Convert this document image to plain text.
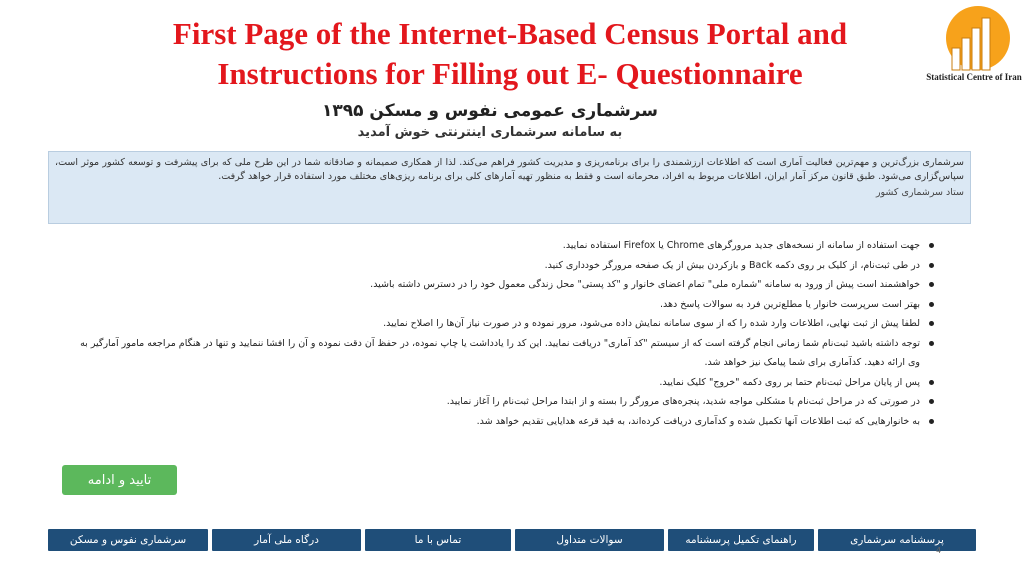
First Page of the Internet-Based Census Portal and
Instructions for Filling out E- Questionnaire	Statistical Centre of Iran
سرشماری عمومی نفوس و مسکن ۱۳۹۵
به سامانه سرشماری اینترنتی خوش آمدید
سرشماری بزرگ‌ترین و مهم‌ترین فعالیت آماری است که اطلاعات ارزشمندی را برای برنامه‌ریزی و مدیریت کشور فراهم می‌کند. لذا از همکاری صمیمانه و صادقانه شما در این طرح ملی که برای پیشرفت و توسعه کشور موثر است، سپاس‌گزاری می‌شود. طبق قانون مرکز آمار ایران، اطلاعات مربوط به افراد، محرمانه است و فقط به منظور تهیه آمارهای کلی برای برنامه ریزی‌های مختلف مورد استفاده قرار خواهد گرفت.
ستاد سرشماری کشور
جهت استفاده از سامانه از نسخه‌های جدید مرورگرهای Chrome یا Firefox استفاده نمایید.
در طی ثبت‌نام، از کلیک بر روی دکمه Back و بازکردن بیش از یک صفحه مرورگر خودداری کنید.
خواهشمند است پیش از ورود به سامانه "شماره ملی" تمام اعضای خانوار و "کد پستی" محل زندگی معمول خود را در دسترس داشته باشید.
بهتر است سرپرست خانوار یا مطلع‌ترین فرد به سوالات پاسخ دهد.
لطفا پیش از ثبت نهایی، اطلاعات وارد شده را که از سوی سامانه نمایش داده می‌شود، مرور نموده و در صورت نیاز آن‌ها را اصلاح نمایید.
توجه داشته باشید ثبت‌نام شما زمانی انجام گرفته است که از سیستم "کد آماری" دریافت نمایید. این کد را یادداشت یا چاپ نموده، در حفظ آن دقت نموده و آن را افشا ننمایید و تنها در هنگام مراجعه مامور آمارگیر به وی ارائه دهید. کدآماری برای شما پیامک نیز خواهد شد.
پس از پایان مراحل ثبت‌نام حتما بر روی دکمه "خروج" کلیک نمایید.
در صورتی که در مراحل ثبت‌نام با مشکلی مواجه شدید، پنجره‌های مرورگر را بسته و از ابتدا مراحل ثبت‌نام را آغاز نمایید.
به خانوارهایی که ثبت اطلاعات آنها تکمیل شده و کدآماری دریافت کرده‌اند، به قید قرعه هدایایی تقدیم خواهد شد.
تایید و ادامه
پرسشنامه سرشماری
راهنمای تکمیل پرسشنامه
سوالات متداول
تماس با ما
درگاه ملی آمار
سرشماری نفوس و مسکن
4
